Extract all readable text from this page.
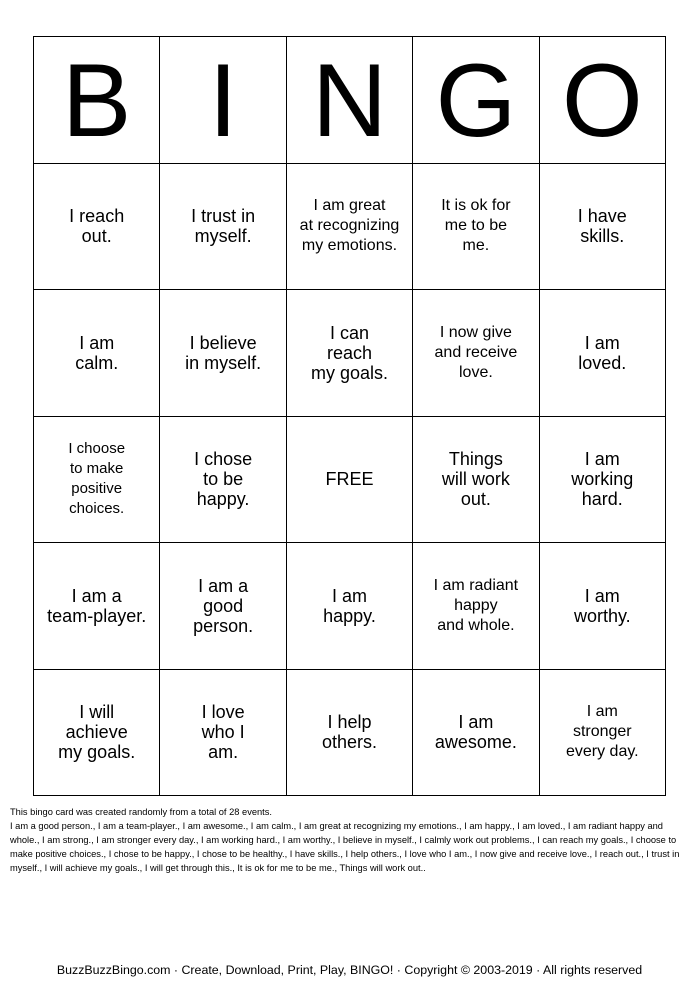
B I N G O
I reach
out.
I trust in
myself.
I am great
at recognizing
my emotions.
It is ok for
me to be
me.
I have
skills.
I am
calm.
I believe
in myself.
I can
reach
my goals.
I now give
and receive
love.
I am
loved.
I choose
to make
positive
choices.
I chose
to be
happy.
FREE
Things
will work
out.
I am
working
hard.
I am a
team-player.
I am a
good
person.
I am
happy.
I am radiant
happy
and whole.
I am
worthy.
I will
achieve
my goals.
I love
who I
am.
I help
others.
I am
awesome.
I am
stronger
every day.

This bingo card was created randomly from a total of 28 events.

I am a good person., I am a team-player., I am awesome., I am calm., I am great at recognizing my emotions., I am happy., I am loved., I am radiant happy and whole., I am strong., I am stronger every day., I am working hard., I am worthy., I believe in myself., I calmly work out problems., I can reach my goals., I choose to make positive choices., I chose to be happy., I chose to be healthy., I have skills., I help others., I love who I am., I now give and receive love., I reach out., I trust in myself., I will achieve my goals., I will get through this., It is ok for me to be me., Things will work out..

BuzzBuzzBingo.com · Create, Download, Print, Play, BINGO! · Copyright © 2003-2019 · All rights reserved
